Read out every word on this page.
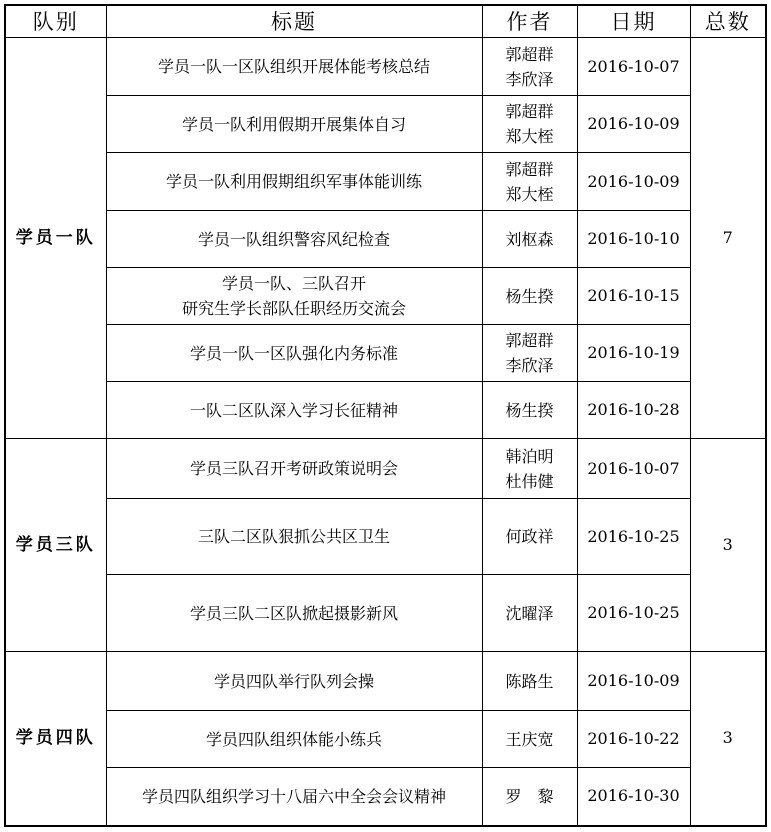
队别	标题	作者	日期	总数
学员一队	学员一队一区队组织开展体能考核总结	郭超群
李欣泽	2016-10-07	7
	学员一队利用假期开展集体自习	郭超群
郑大桎	2016-10-09	
	学员一队利用假期组织军事体能训练	郭超群
郑大桎	2016-10-09	
	学员一队组织警容风纪检查	刘枢森	2016-10-10	
	学员一队、三队召开
研究生学长部队任职经历交流会	杨生揆	2016-10-15	
	学员一队一区队强化内务标准	郭超群
李欣泽	2016-10-19	
	一队二区队深入学习长征精神	杨生揆	2016-10-28	
学员三队	学员三队召开考研政策说明会	韩泊明
杜伟健	2016-10-07	3
	三队二区队狠抓公共区卫生	何政祥	2016-10-25	
	学员三队二区队掀起摄影新风	沈曜泽	2016-10-25	
学员四队	学员四队举行队列会操	陈路生	2016-10-09	3
	学员四队组织体能小练兵	王庆宽	2016-10-22	
	学员四队组织学习十八届六中全会会议精神	罗　黎	2016-10-30	
